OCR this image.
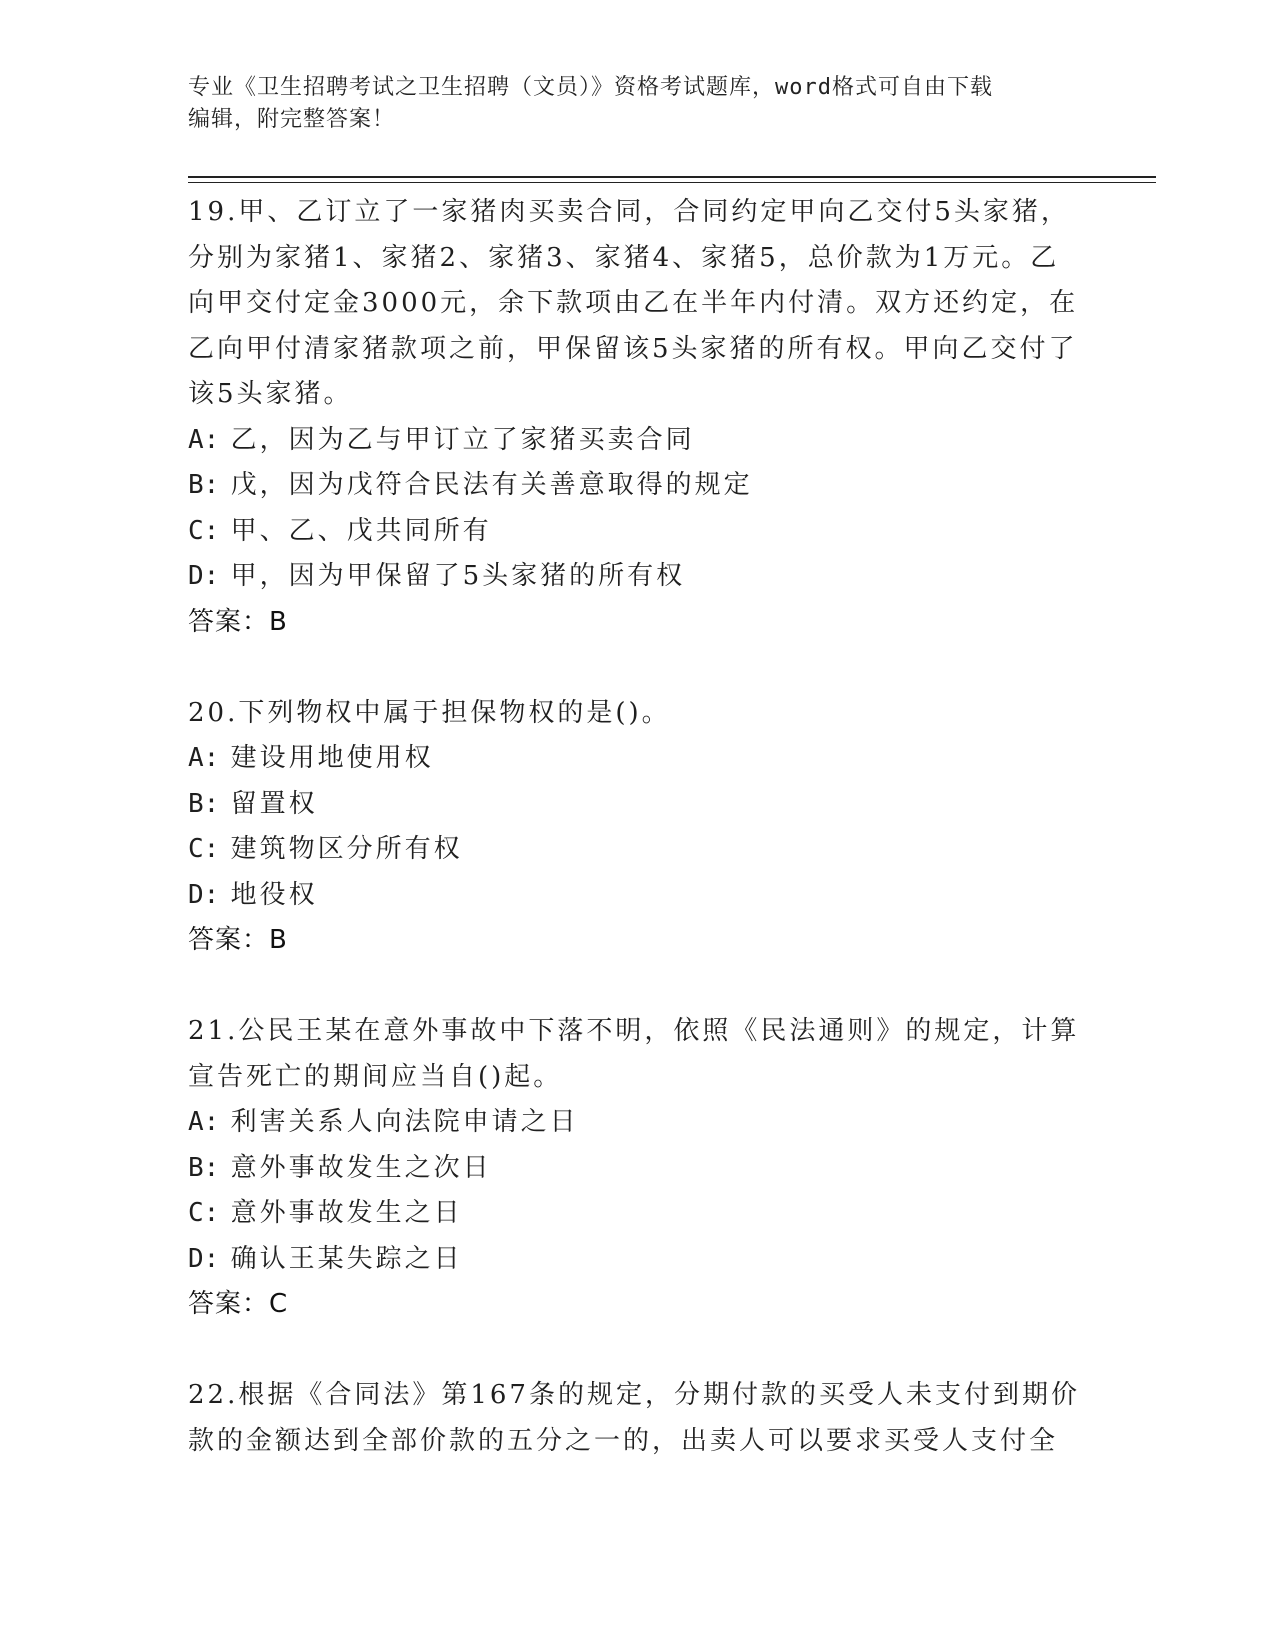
专业《卫生招聘考试之卫生招聘（文员）》资格考试题库，word格式可自由下载
编辑，附完整答案！

19.甲、乙订立了一家猪肉买卖合同，合同约定甲向乙交付5头家猪，分别为家猪1、家猪2、家猪3、家猪4、家猪5，总价款为1万元。乙向甲交付定金3000元，余下款项由乙在半年内付清。双方还约定，在乙向甲付清家猪款项之前，甲保留该5头家猪的所有权。甲向乙交付了该5头家猪。

A: 乙，因为乙与甲订立了家猪买卖合同

B: 戊，因为戊符合民法有关善意取得的规定

C: 甲、乙、戊共同所有

D: 甲，因为甲保留了5头家猪的所有权

答案：B

20.下列物权中属于担保物权的是()。

A: 建设用地使用权

B: 留置权

C: 建筑物区分所有权

D: 地役权

答案：B

21.公民王某在意外事故中下落不明，依照《民法通则》的规定，计算宣告死亡的期间应当自()起。

A: 利害关系人向法院申请之日

B: 意外事故发生之次日

C: 意外事故发生之日

D: 确认王某失踪之日

答案：C

22.根据《合同法》第167条的规定，分期付款的买受人未支付到期价款的金额达到全部价款的五分之一的，出卖人可以要求买受人支付全
